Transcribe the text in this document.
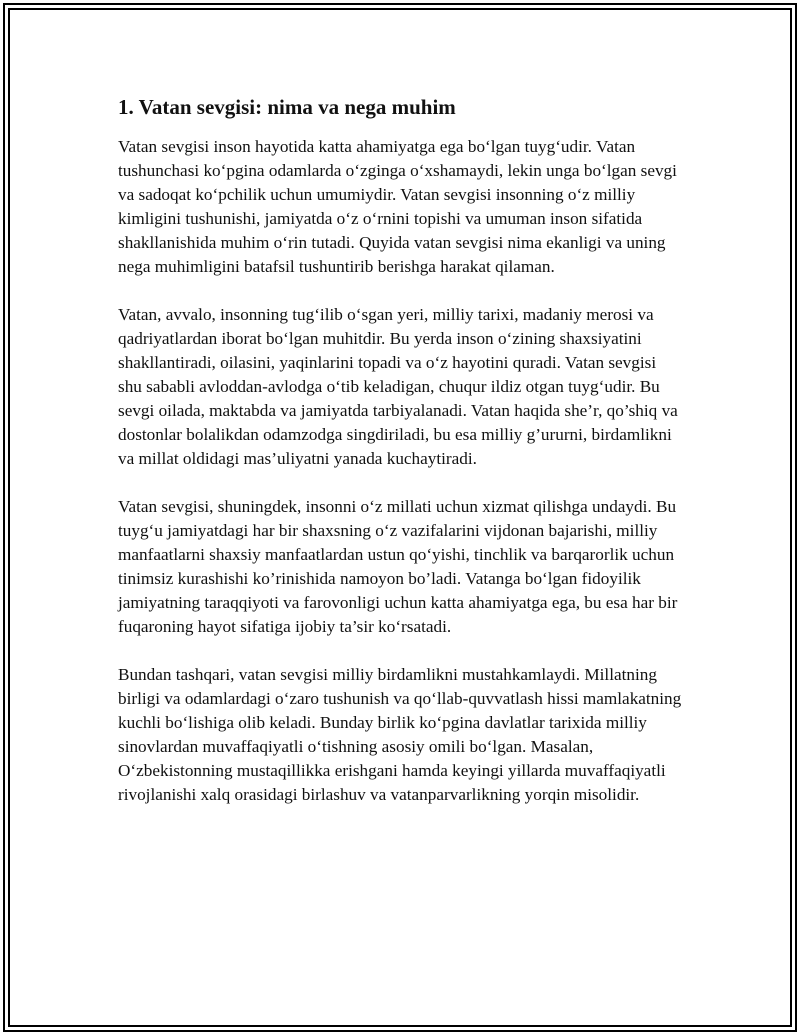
1. Vatan sevgisi: nima va nega muhim

Vatan sevgisi inson hayotida katta ahamiyatga ega bo‘lgan tuyg‘udir. Vatan tushunchasi ko‘pgina odamlarda o‘zginga o‘xshamaydi, lekin unga bo‘lgan sevgi va sadoqat ko‘pchilik uchun umumiydir. Vatan sevgisi insonning o‘z milliy kimligini tushunishi, jamiyatda o‘z o‘rnini topishi va umuman inson sifatida shakllanishida muhim o‘rin tutadi. Quyida vatan sevgisi nima ekanligi va uning nega muhimligini batafsil tushuntirib berishga harakat qilaman.

Vatan, avvalo, insonning tug‘ilib o‘sgan yeri, milliy tarixi, madaniy merosi va qadriyatlardan iborat bo‘lgan muhitdir. Bu yerda inson o‘zining shaxsiyatini shakllantiradi, oilasini, yaqinlarini topadi va o‘z hayotini quradi. Vatan sevgisi shu sababli avloddan-avlodga o‘tib keladigan, chuqur ildiz otgan tuyg‘udir. Bu sevgi oilada, maktabda va jamiyatda tarbiyalanadi. Vatan haqida she’r, qo’shiq va dostonlar bolalikdan odamzodga singdiriladi, bu esa milliy g’ururni, birdamlikni va millat oldidagi mas’uliyatni yanada kuchaytiradi.

Vatan sevgisi, shuningdek, insonni o‘z millati uchun xizmat qilishga undaydi. Bu tuyg‘u jamiyatdagi har bir shaxsning o‘z vazifalarini vijdonan bajarishi, milliy manfaatlarni shaxsiy manfaatlardan ustun qo‘yishi, tinchlik va barqarorlik uchun tinimsiz kurashishi ko’rinishida namoyon bo’ladi. Vatanga bo‘lgan fidoyilik jamiyatning taraqqiyoti va farovonligi uchun katta ahamiyatga ega, bu esa har bir fuqaroning hayot sifatiga ijobiy ta’sir ko‘rsatadi.

Bundan tashqari, vatan sevgisi milliy birdamlikni mustahkamlaydi. Millatning birligi va odamlardagi o‘zaro tushunish va qo‘llab-quvvatlash hissi mamlakatning kuchli bo‘lishiga olib keladi. Bunday birlik ko‘pgina davlatlar tarixida milliy sinovlardan muvaffaqiyatli o‘tishning asosiy omili bo‘lgan. Masalan, O‘zbekistonning mustaqillikka erishgani hamda keyingi yillarda muvaffaqiyatli rivojlanishi xalq orasidagi birlashuv va vatanparvarlikning yorqin misolidir.
